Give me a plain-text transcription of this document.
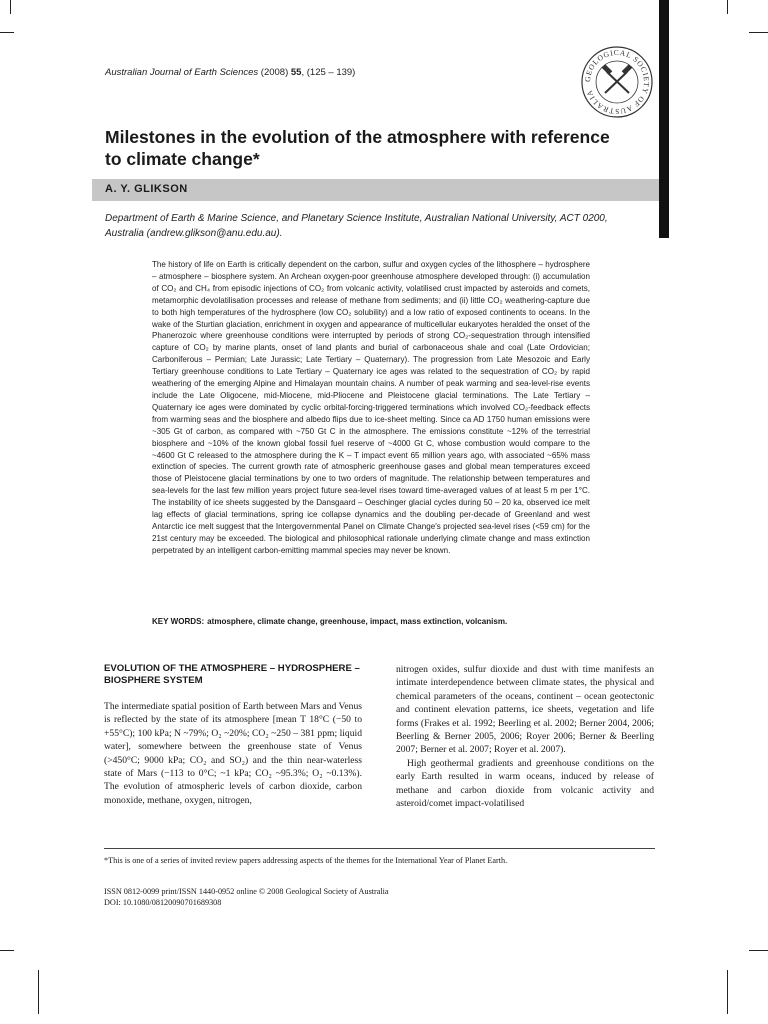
Australian Journal of Earth Sciences (2008) 55, (125 – 139)
GEOLOGICAL SOCIETY OF AUSTRALIA
Milestones in the evolution of the atmosphere with reference to climate change*
A. Y. GLIKSON
Department of Earth & Marine Science, and Planetary Science Institute, Australian National University, ACT 0200, Australia (andrew.glikson@anu.edu.au).

The history of life on Earth is critically dependent on the carbon, sulfur and oxygen cycles of the lithosphere – hydrosphere – atmosphere – biosphere system. An Archean oxygen-poor greenhouse atmosphere developed through: (i) accumulation of CO₂ and CH₄ from episodic injections of CO₂ from volcanic activity, volatilised crust impacted by asteroids and comets, metamorphic devolatilisation processes and release of methane from sediments; and (ii) little CO₂ weathering-capture due to both high temperatures of the hydrosphere (low CO₂ solubility) and a low ratio of exposed continents to oceans. In the wake of the Sturtian glaciation, enrichment in oxygen and appearance of multicellular eukaryotes heralded the onset of the Phanerozoic where greenhouse conditions were interrupted by periods of strong CO₂-sequestration through intensified capture of CO₂ by marine plants, onset of land plants and burial of carbonaceous shale and coal (Late Ordovician; Carboniferous – Permian; Late Jurassic; Late Tertiary – Quaternary). The progression from Late Mesozoic and Early Tertiary greenhouse conditions to Late Tertiary – Quaternary ice ages was related to the sequestration of CO₂ by rapid weathering of the emerging Alpine and Himalayan mountain chains. A number of peak warming and sea-level-rise events include the Late Oligocene, mid-Miocene, mid-Pliocene and Pleistocene glacial terminations. The Late Tertiary – Quaternary ice ages were dominated by cyclic orbital-forcing-triggered terminations which involved CO₂-feedback effects from warming seas and the biosphere and albedo flips due to ice-sheet melting. Since ca AD 1750 human emissions were ~305 Gt of carbon, as compared with ~750 Gt C in the atmosphere. The emissions constitute ~12% of the terrestrial biosphere and ~10% of the known global fossil fuel reserve of ~4000 Gt C, whose combustion would compare to the ~4600 Gt C released to the atmosphere during the K – T impact event 65 million years ago, with associated ~65% mass extinction of species. The current growth rate of atmospheric greenhouse gases and global mean temperatures exceed those of Pleistocene glacial terminations by one to two orders of magnitude. The relationship between temperatures and sea-levels for the last few million years project future sea-level rises toward time-averaged values of at least 5 m per 1°C. The instability of ice sheets suggested by the Dansgaard – Oeschinger glacial cycles during 50 – 20 ka, observed ice melt lag effects of glacial terminations, spring ice collapse dynamics and the doubling per-decade of Greenland and west Antarctic ice melt suggest that the Intergovernmental Panel on Climate Change's projected sea-level rises (<59 cm) for the 21st century may be exceeded. The biological and philosophical rationale underlying climate change and mass extinction perpetrated by an intelligent carbon-emitting mammal species may never be known.

KEY WORDS: atmosphere, climate change, greenhouse, impact, mass extinction, volcanism.
EVOLUTION OF THE ATMOSPHERE – HYDROSPHERE – BIOSPHERE SYSTEM

The intermediate spatial position of Earth between Mars and Venus is reflected by the state of its atmosphere [mean T 18°C (−50 to +55°C); 100 kPa; N ~79%; O₂ ~20%; CO₂ ~250 – 381 ppm; liquid water], somewhere between the greenhouse state of Venus (>450°C; 9000 kPa; CO₂ and SO₂) and the thin near-waterless state of Mars (−113 to 0°C; ~1 kPa; CO₂ ~95.3%; O₂ ~0.13%). The evolution of atmospheric levels of carbon dioxide, carbon monoxide, methane, oxygen, nitrogen,

nitrogen oxides, sulfur dioxide and dust with time manifests an intimate interdependence between climate states, the physical and chemical parameters of the oceans, continent – ocean geotectonic and continent elevation patterns, ice sheets, vegetation and life forms (Frakes et al. 1992; Beerling et al. 2002; Berner 2004, 2006; Beerling & Berner 2005, 2006; Royer 2006; Berner & Beerling 2007; Berner et al. 2007; Royer et al. 2007).

High geothermal gradients and greenhouse conditions on the early Earth resulted in warm oceans, induced by release of methane and carbon dioxide from volcanic activity and asteroid/comet impact-volatilised

*This is one of a series of invited review papers addressing aspects of the themes for the International Year of Planet Earth.
ISSN 0812-0099 print/ISSN 1440-0952 online © 2008 Geological Society of Australia
DOI: 10.1080/08120090701689308
